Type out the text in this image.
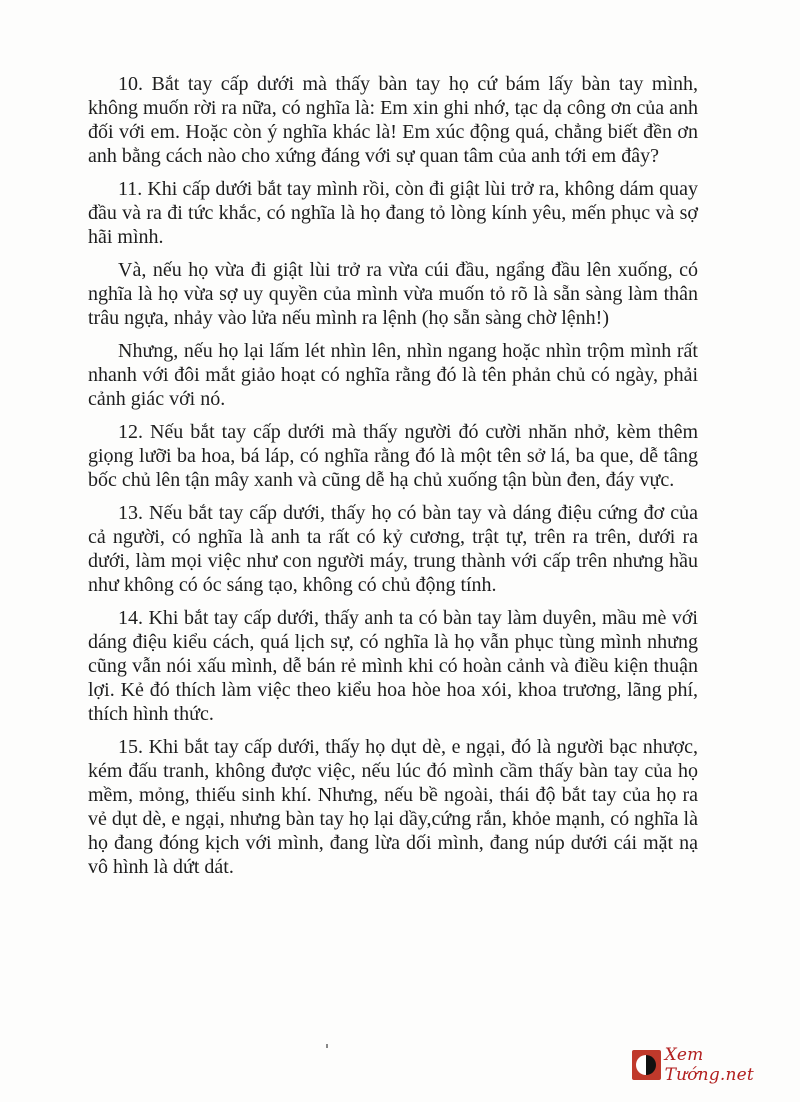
10. Bắt tay cấp dưới mà thấy bàn tay họ cứ bám lấy bàn tay mình, không muốn rời ra nữa, có nghĩa là: Em xin ghi nhớ, tạc dạ công ơn của anh đối với em. Hoặc còn ý nghĩa khác là! Em xúc động quá, chẳng biết đền ơn anh bằng cách nào cho xứng đáng với sự quan tâm của anh tới em đây?

11. Khi cấp dưới bắt tay mình rồi, còn đi giật lùi trở ra, không dám quay đầu và ra đi tức khắc, có nghĩa là họ đang tỏ lòng kính yêu, mến phục và sợ hãi mình.

Và, nếu họ vừa đi giật lùi trở ra vừa cúi đầu, ngẩng đầu lên xuống, có nghĩa là họ vừa sợ uy quyền của mình vừa muốn tỏ rõ là sẵn sàng làm thân trâu ngựa, nhảy vào lửa nếu mình ra lệnh (họ sẵn sàng chờ lệnh!)

Nhưng, nếu họ lại lấm lét nhìn lên, nhìn ngang hoặc nhìn trộm mình rất nhanh với đôi mắt giảo hoạt có nghĩa rằng đó là tên phản chủ có ngày, phải cảnh giác với nó.

12. Nếu bắt tay cấp dưới mà thấy người đó cười nhăn nhở, kèm thêm giọng lưỡi ba hoa, bá láp, có nghĩa rằng đó là một tên sở lá, ba que, dễ tâng bốc chủ lên tận mây xanh và cũng dễ hạ chủ xuống tận bùn đen, đáy vực.

13. Nếu bắt tay cấp dưới, thấy họ có bàn tay và dáng điệu cứng đơ của cả người, có nghĩa là anh ta rất có kỷ cương, trật tự, trên ra trên, dưới ra dưới, làm mọi việc như con người máy, trung thành với cấp trên nhưng hầu như không có óc sáng tạo, không có chủ động tính.

14. Khi bắt tay cấp dưới, thấy anh ta có bàn tay làm duyên, mầu mè với dáng điệu kiểu cách, quá lịch sự, có nghĩa là họ vẫn phục tùng mình nhưng cũng vẫn nói xấu mình, dễ bán rẻ mình khi có hoàn cảnh và điều kiện thuận lợi. Kẻ đó thích làm việc theo kiểu hoa hòe hoa xói, khoa trương, lãng phí, thích hình thức.

15. Khi bắt tay cấp dưới, thấy họ dụt dè, e ngại, đó là người bạc nhược, kém đấu tranh, không được việc, nếu lúc đó mình cầm thấy bàn tay của họ mềm, mỏng, thiếu sinh khí. Nhưng, nếu bề ngoài, thái độ bắt tay của họ ra vẻ dụt dè, e ngại, nhưng bàn tay họ lại dầy,cứng rắn, khỏe mạnh, có nghĩa là họ đang đóng kịch với mình, đang lừa dối mình, đang núp dưới cái mặt nạ vô hình là dứt dát.

Xem Tướng.net
